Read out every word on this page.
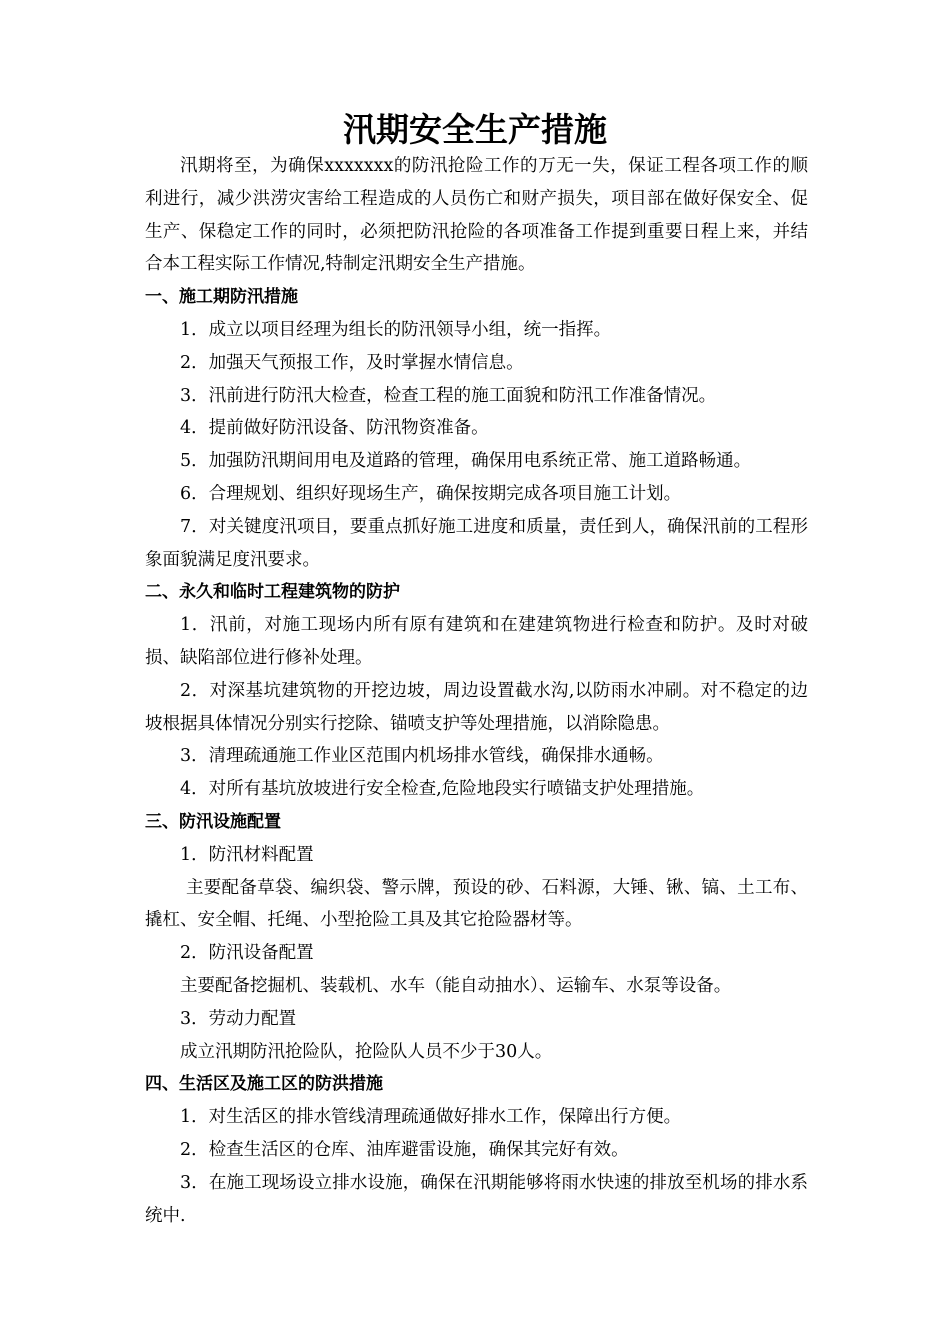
汛期安全生产措施

汛期将至，为确保xxxxxxx的防汛抢险工作的万无一失，保证工程各项工作的顺利进行，减少洪涝灾害给工程造成的人员伤亡和财产损失，项目部在做好保安全、促生产、保稳定工作的同时，必须把防汛抢险的各项准备工作提到重要日程上来，并结合本工程实际工作情况,特制定汛期安全生产措施。

一、施工期防汛措施

1．成立以项目经理为组长的防汛领导小组，统一指挥。

2．加强天气预报工作，及时掌握水情信息。

3．汛前进行防汛大检查，检查工程的施工面貌和防汛工作准备情况。

4．提前做好防汛设备、防汛物资准备。

5．加强防汛期间用电及道路的管理，确保用电系统正常、施工道路畅通。

6．合理规划、组织好现场生产，确保按期完成各项目施工计划。

7．对关键度汛项目，要重点抓好施工进度和质量，责任到人，确保汛前的工程形象面貌满足度汛要求。

二、永久和临时工程建筑物的防护

1．汛前，对施工现场内所有原有建筑和在建建筑物进行检查和防护。及时对破损、缺陷部位进行修补处理。

2．对深基坑建筑物的开挖边坡，周边设置截水沟,以防雨水冲刷。对不稳定的边坡根据具体情况分别实行挖除、锚喷支护等处理措施，以消除隐患。

3．清理疏通施工作业区范围内机场排水管线，确保排水通畅。

4．对所有基坑放坡进行安全检查,危险地段实行喷锚支护处理措施。

三、防汛设施配置

1．防汛材料配置

主要配备草袋、编织袋、警示牌，预设的砂、石料源，大锤、锹、镐、土工布、撬杠、安全帽、托绳、小型抢险工具及其它抢险器材等。

2．防汛设备配置

主要配备挖掘机、装载机、水车（能自动抽水）、运输车、水泵等设备。

3．劳动力配置

成立汛期防汛抢险队，抢险队人员不少于30人。

四、生活区及施工区的防洪措施

1．对生活区的排水管线清理疏通做好排水工作，保障出行方便。

2．检查生活区的仓库、油库避雷设施，确保其完好有效。

3．在施工现场设立排水设施，确保在汛期能够将雨水快速的排放至机场的排水系统中.
